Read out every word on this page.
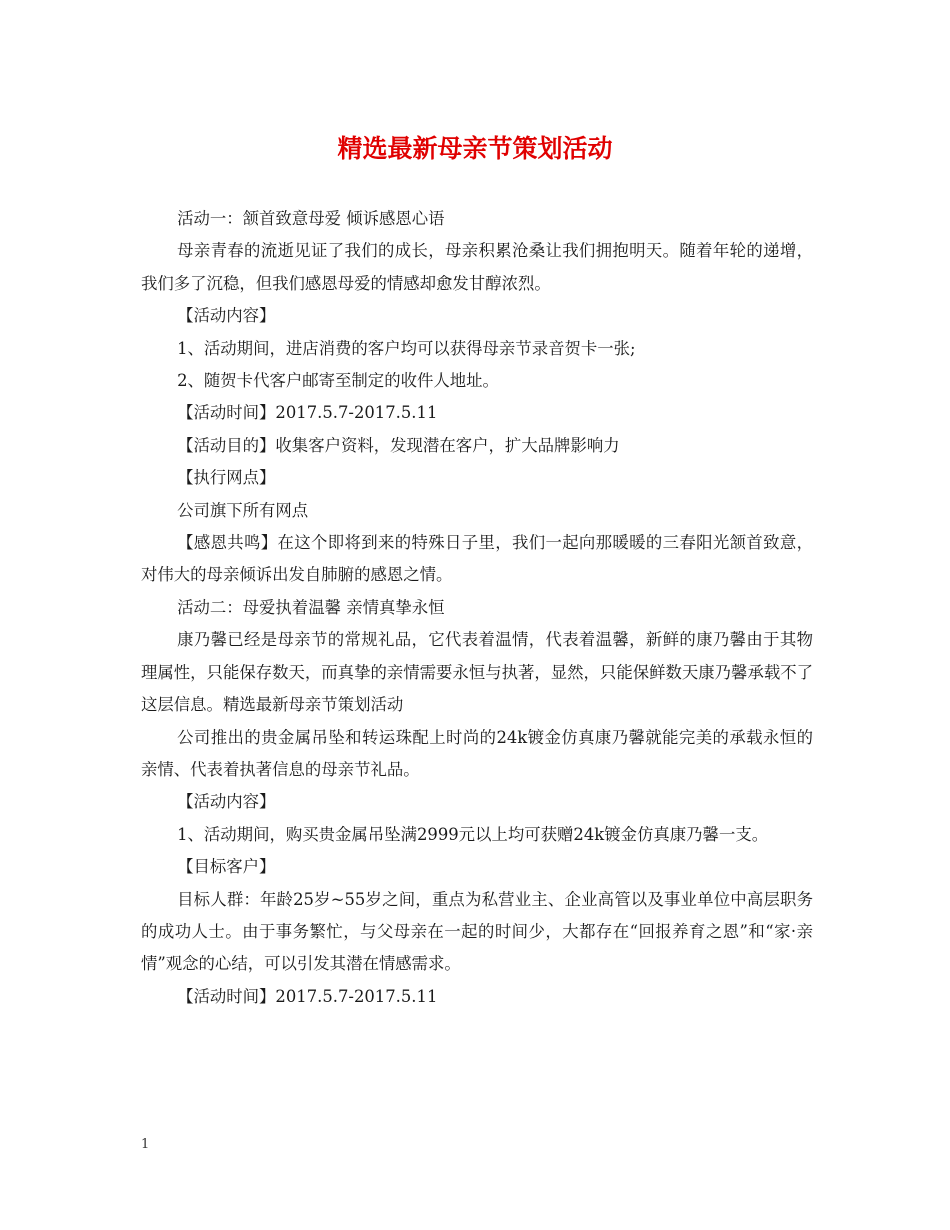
精选最新母亲节策划活动

活动一：颔首致意母爱 倾诉感恩心语

母亲青春的流逝见证了我们的成长，母亲积累沧桑让我们拥抱明天。随着年轮的递增，我们多了沉稳，但我们感恩母爱的情感却愈发甘醇浓烈。

【活动内容】

1、活动期间，进店消费的客户均可以获得母亲节录音贺卡一张;

2、随贺卡代客户邮寄至制定的收件人地址。

【活动时间】2017.5.7-2017.5.11

【活动目的】收集客户资料，发现潜在客户，扩大品牌影响力

【执行网点】

公司旗下所有网点

【感恩共鸣】在这个即将到来的特殊日子里，我们一起向那暖暖的三春阳光颔首致意，对伟大的母亲倾诉出发自肺腑的感恩之情。

活动二：母爱执着温馨 亲情真挚永恒

康乃馨已经是母亲节的常规礼品，它代表着温情，代表着温馨，新鲜的康乃馨由于其物理属性，只能保存数天，而真挚的亲情需要永恒与执著，显然，只能保鲜数天康乃馨承载不了这层信息。精选最新母亲节策划活动

公司推出的贵金属吊坠和转运珠配上时尚的24k镀金仿真康乃馨就能完美的承载永恒的亲情、代表着执著信息的母亲节礼品。

【活动内容】

1、活动期间，购买贵金属吊坠满2999元以上均可获赠24k镀金仿真康乃馨一支。

【目标客户】

目标人群：年龄25岁~55岁之间，重点为私营业主、企业高管以及事业单位中高层职务的成功人士。由于事务繁忙，与父母亲在一起的时间少，大都存在“回报养育之恩”和“家·亲情”观念的心结，可以引发其潜在情感需求。

【活动时间】2017.5.7-2017.5.11

1
